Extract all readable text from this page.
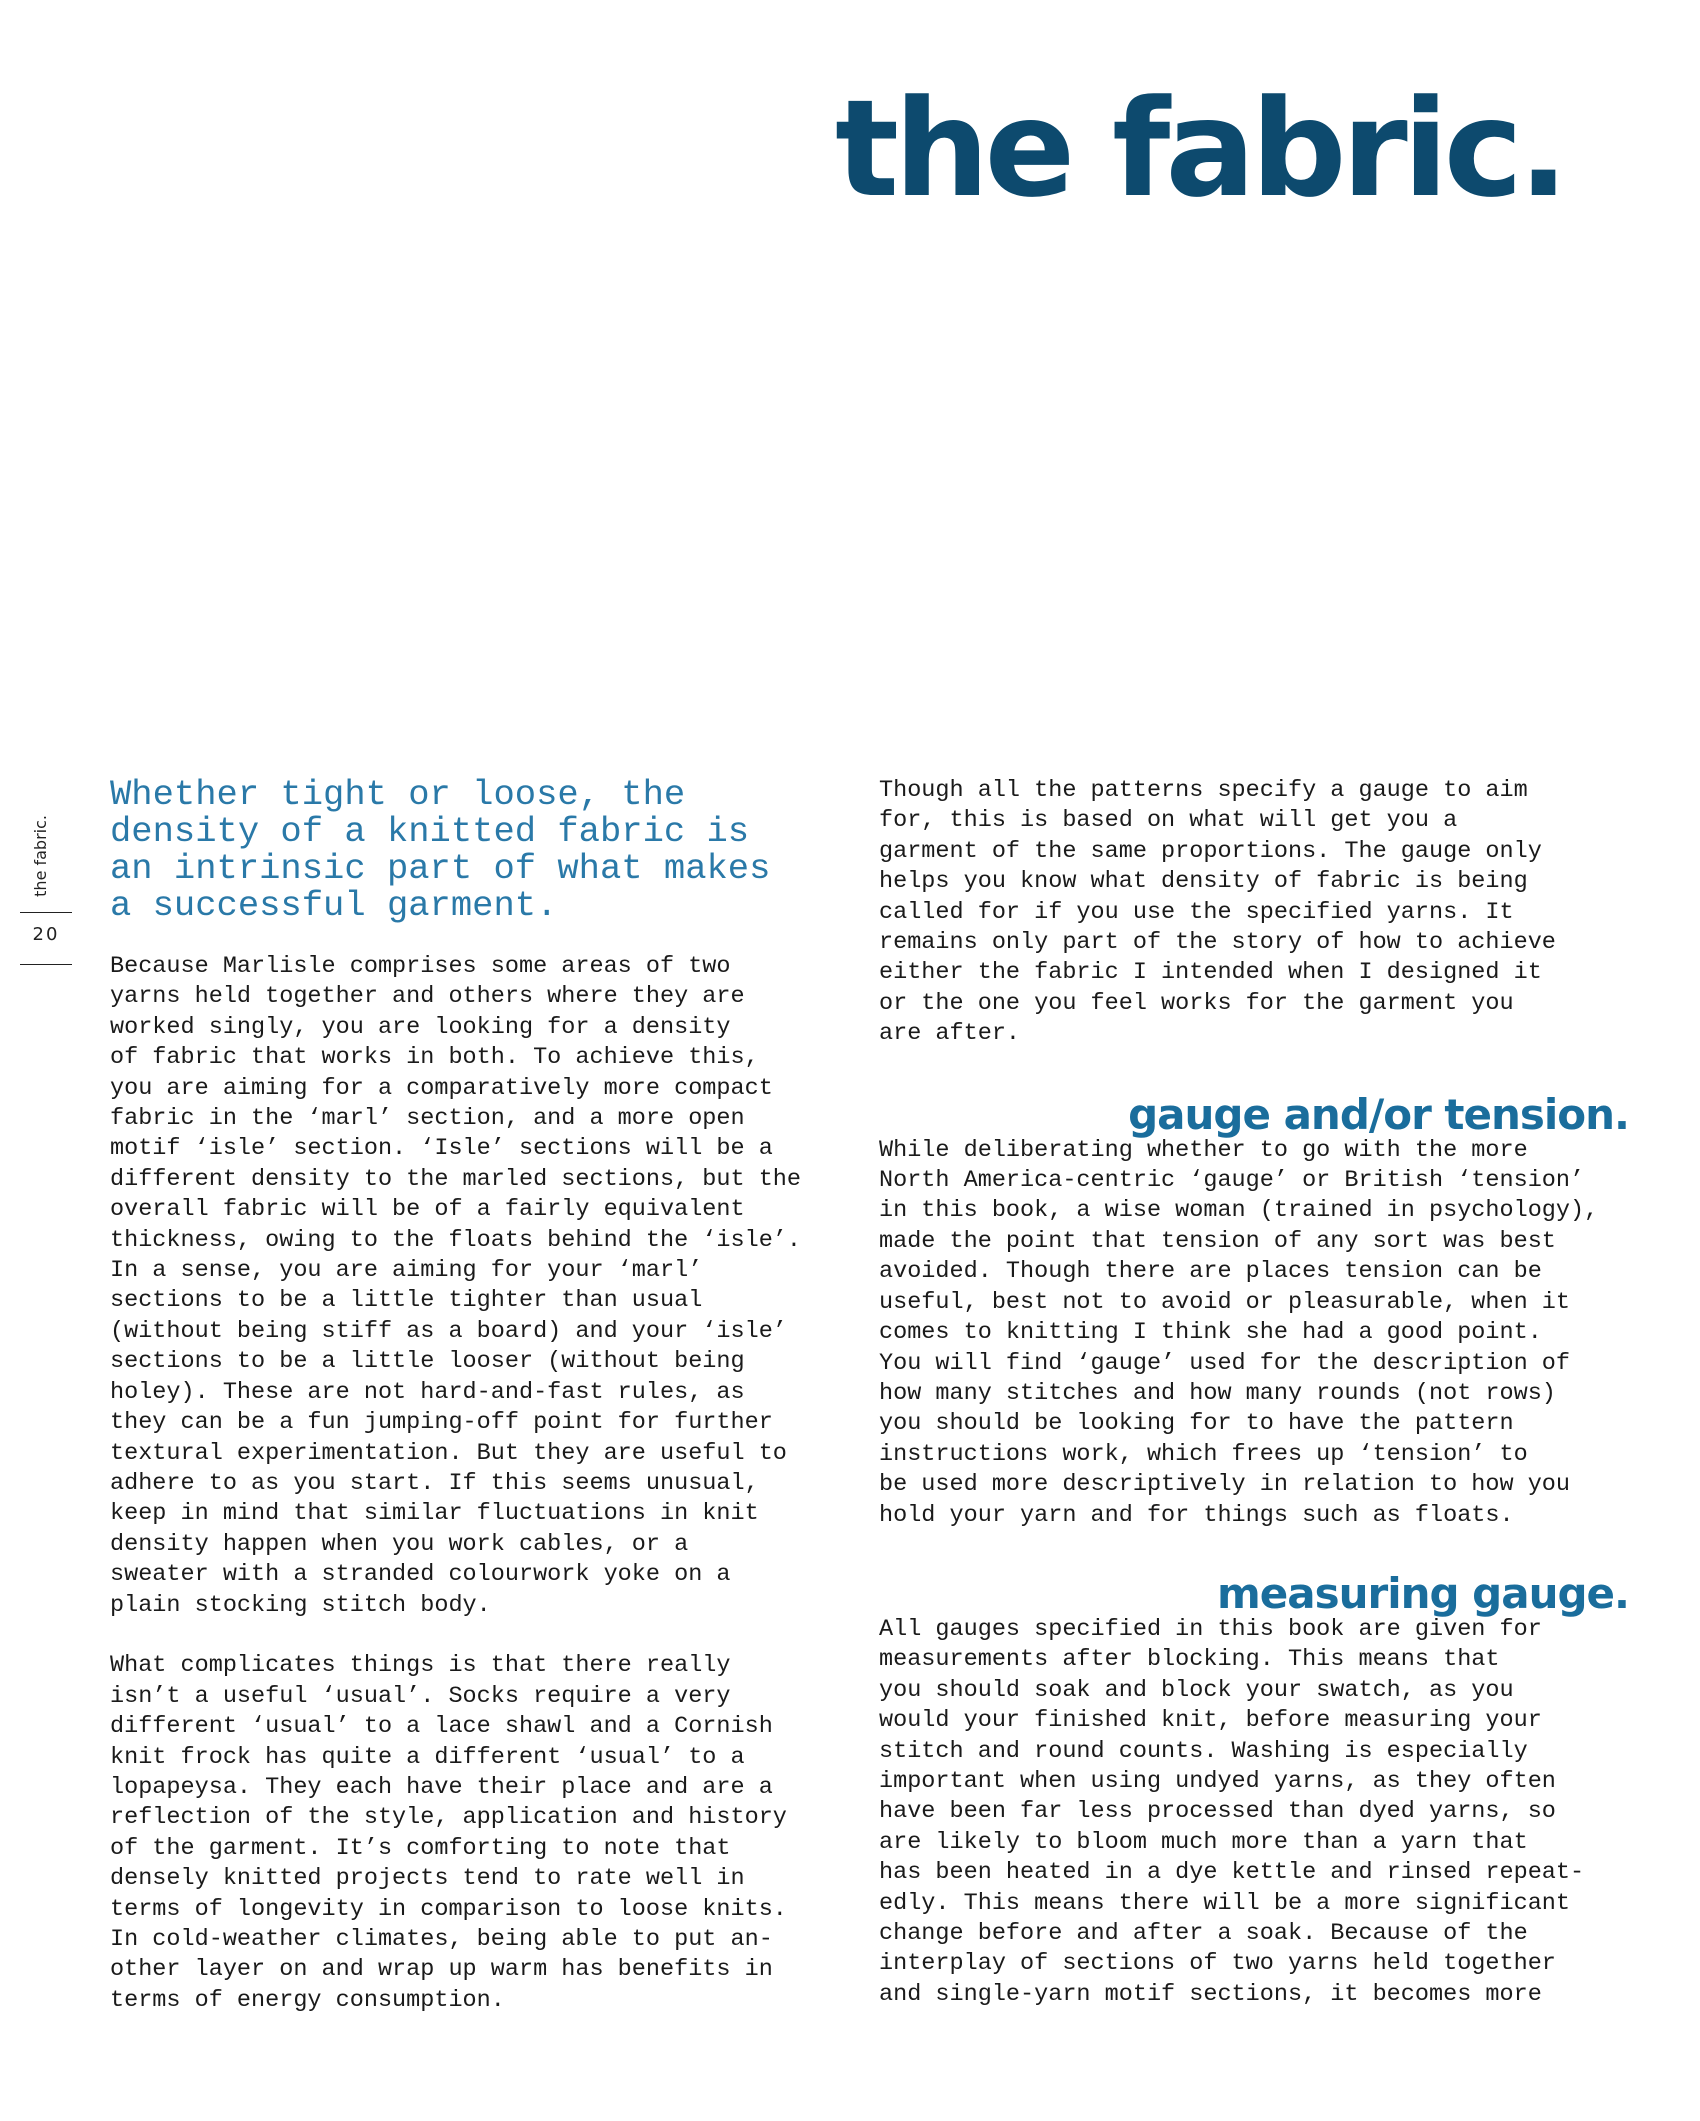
the fabric.
the fabric.
20

Whether tight or loose, the
density of a knitted fabric is
an intrinsic part of what makes
a successful garment.

Because Marlisle comprises some areas of two
yarns held together and others where they are
worked singly, you are looking for a density
of fabric that works in both. To achieve this,
you are aiming for a comparatively more compact
fabric in the ‘marl’ section, and a more open
motif ‘isle’ section. ‘Isle’ sections will be a
different density to the marled sections, but the
overall fabric will be of a fairly equivalent
thickness, owing to the floats behind the ‘isle’.
In a sense, you are aiming for your ‘marl’
sections to be a little tighter than usual
(without being stiff as a board) and your ‘isle’
sections to be a little looser (without being
holey). These are not hard-and-fast rules, as
they can be a fun jumping-off point for further
textural experimentation. But they are useful to
adhere to as you start. If this seems unusual,
keep in mind that similar fluctuations in knit
density happen when you work cables, or a
sweater with a stranded colourwork yoke on a
plain stocking stitch body.

What complicates things is that there really
isn’t a useful ‘usual’. Socks require a very
different ‘usual’ to a lace shawl and a Cornish
knit frock has quite a different ‘usual’ to a
lopapeysa. They each have their place and are a
reflection of the style, application and history
of the garment. It’s comforting to note that
densely knitted projects tend to rate well in
terms of longevity in comparison to loose knits.
In cold-weather climates, being able to put an-
other layer on and wrap up warm has benefits in
terms of energy consumption.

Though all the patterns specify a gauge to aim
for, this is based on what will get you a
garment of the same proportions. The gauge only
helps you know what density of fabric is being
called for if you use the specified yarns. It
remains only part of the story of how to achieve
either the fabric I intended when I designed it
or the one you feel works for the garment you
are after.

gauge and/or tension.

While deliberating whether to go with the more
North America-centric ‘gauge’ or British ‘tension’
in this book, a wise woman (trained in psychology),
made the point that tension of any sort was best
avoided. Though there are places tension can be
useful, best not to avoid or pleasurable, when it
comes to knitting I think she had a good point.
You will find ‘gauge’ used for the description of
how many stitches and how many rounds (not rows)
you should be looking for to have the pattern
instructions work, which frees up ‘tension’ to
be used more descriptively in relation to how you
hold your yarn and for things such as floats.

measuring gauge.

All gauges specified in this book are given for
measurements after blocking. This means that
you should soak and block your swatch, as you
would your finished knit, before measuring your
stitch and round counts. Washing is especially
important when using undyed yarns, as they often
have been far less processed than dyed yarns, so
are likely to bloom much more than a yarn that
has been heated in a dye kettle and rinsed repeat-
edly. This means there will be a more significant
change before and after a soak. Because of the
interplay of sections of two yarns held together
and single-yarn motif sections, it becomes more
